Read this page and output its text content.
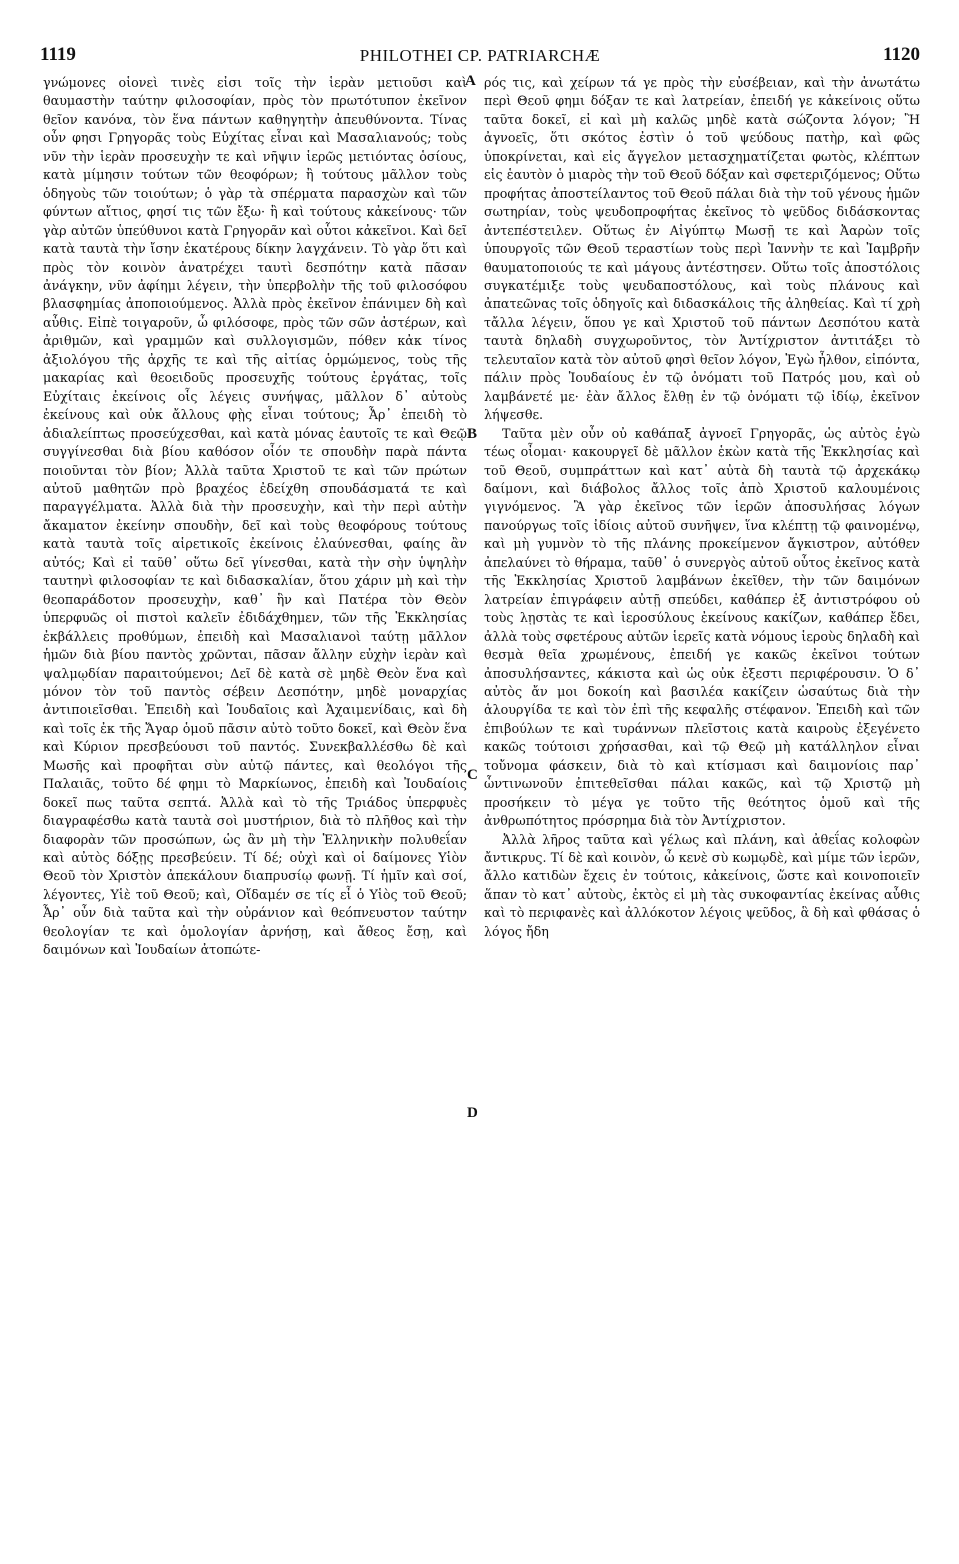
1119	PHILOTHEI CP. PATRIARCHÆ	1120

γνώμονες οἱονεὶ τινὲς εἰσι τοῖς τὴν ἱερὰν μετιοῦσι καὶ θαυμαστὴν ταύτην φιλοσοφίαν, πρὸς τὸν πρωτότυπον ἐκεῖνον θεῖον κανόνα, τὸν ἕνα πάντων καθηγητὴν ἀπευθύνοντα. Τίνας οὖν φησι Γρηγορᾶς τοὺς Εὐχίτας εἶναι καὶ Μασαλιανούς; τοὺς νῦν τὴν ἱερὰν προσευχὴν τε καὶ νῆψιν ἱερῶς μετιόντας ὁσίους, κατὰ μίμησιν τούτων τῶν θεοφόρων; ἢ τούτους μᾶλλον τοὺς ὁδηγοὺς τῶν τοιούτων; ὁ γὰρ τὰ σπέρματα παρασχὼν καὶ τῶν φύντων αἴτιος, φησί τις τῶν ἔξω· ἢ καὶ τούτους κἀκείνους· τῶν γὰρ αὐτῶν ὑπεύθυνοι κατὰ Γρηγορᾶν καὶ οὗτοι κἀκεῖνοι. Καὶ δεῖ κατὰ ταυτὰ τὴν ἴσην ἑκατέρους δίκην λαγχάνειν. Τὸ γὰρ ὅτι καὶ πρὸς τὸν κοινὸν ἀνατρέχει ταυτὶ δεσπότην κατὰ πᾶσαν ἀνάγκην, νῦν ἀφίημι λέγειν, τὴν ὑπερβολὴν τῆς τοῦ φιλοσόφου βλασφημίας ἀποποιούμενος. Ἀλλὰ πρὸς ἐκεῖνον ἐπάνιμεν δὴ καὶ αὖθις. Εἰπὲ τοιγαροῦν, ὦ φιλόσοφε, πρὸς τῶν σῶν ἀστέρων, καὶ ἀριθμῶν, καὶ γραμμῶν καὶ συλλογισμῶν, πόθεν κἀκ τίνος ἀξιολόγου τῆς ἀρχῆς τε καὶ τῆς αἰτίας ὁρμώμενος, τοὺς τῆς μακαρίας καὶ θεοειδοῦς προσευχῆς τούτους ἐργάτας, τοῖς Εὐχίταις ἐκείνοις οἷς λέγεις συνήψας, μᾶλλον δ᾽ αὐτοὺς ἐκείνους καὶ οὐκ ἄλλους φῂς εἶναι τούτους; Ἆρ᾽ ἐπειδὴ τὸ ἀδιαλείπτως προσεύχεσθαι, καὶ κατὰ μόνας ἑαυτοῖς τε καὶ Θεῷ συγγίνεσθαι διὰ βίου καθόσον οἷόν τε σπουδὴν παρὰ πάντα ποιοῦνται τὸν βίον; Ἀλλὰ ταῦτα Χριστοῦ τε καὶ τῶν πρώτων αὐτοῦ μαθητῶν πρὸ βραχέος ἐδείχθη σπουδάσματά τε καὶ παραγγέλματα. Ἀλλὰ διὰ τὴν προσευχὴν, καὶ τὴν περὶ αὐτὴν ἄκαματον ἐκείνην σπουδὴν, δεῖ καὶ τοὺς θεοφόρους τούτους κατὰ ταυτὰ τοῖς αἱρετικοῖς ἐκείνοις ἐλαύνεσθαι, φαίης ἂν αὐτός; Καὶ εἰ ταῦθ᾽ οὕτω δεῖ γίνεσθαι, κατὰ τὴν σὴν ὑψηλὴν ταυτηνὶ φιλοσοφίαν τε καὶ διδασκαλίαν, ὅτου χάριν μὴ καὶ τὴν θεοπαράδοτον προσευχὴν, καθ᾽ ἣν καὶ Πατέρα τὸν Θεὸν ὑπερφυῶς οἱ πιστοὶ καλεῖν ἐδιδάχθημεν, τῶν τῆς Ἐκκλησίας ἐκβάλλεις προθύμων, ἐπειδὴ καὶ Μασαλιανοὶ ταύτῃ μᾶλλον ἡμῶν διὰ βίου παντὸς χρῶνται, πᾶσαν ἄλλην εὐχὴν ἱερὰν καὶ ψαλμῳδίαν παραιτούμενοι; Δεῖ δὲ κατὰ σὲ μηδὲ Θεὸν ἕνα καὶ μόνον τὸν τοῦ παντὸς σέβειν Δεσπότην, μηδὲ μοναρχίας ἀντιποιεῖσθαι. Ἐπειδὴ καὶ Ἰουδαῖοις καὶ Ἀχαιμενίδαις, καὶ δὴ καὶ τοῖς ἐκ τῆς Ἄγαρ ὁμοῦ πᾶσιν αὐτὸ τοῦτο δοκεῖ, καὶ Θεὸν ἕνα καὶ Κύριον πρεσβεύουσι τοῦ παντός. Συνεκβαλλέσθω δὲ καὶ Μωσῆς καὶ προφῆται σὺν αὐτῷ πάντες, καὶ θεολόγοι τῆς Παλαιᾶς, τοῦτο δέ φημι τὸ Μαρκίωνος, ἐπειδὴ καὶ Ἰουδαίοις δοκεῖ πως ταῦτα σεπτά. Ἀλλὰ καὶ τὸ τῆς Τριάδος ὑπερφυὲς διαγραφέσθω κατὰ ταυτὰ σοὶ μυστήριον, διὰ τὸ πλῆθος καὶ τὴν διαφορὰν τῶν προσώπων, ὡς ἂν μὴ τὴν Ἑλληνικὴν πολυθεΐαν καὶ αὐτὸς δόξῃς πρεσβεύειν. Τί δέ; οὐχὶ καὶ οἱ δαίμονες Υἱὸν Θεοῦ τὸν Χριστὸν ἀπεκάλουν διαπρυσίῳ φωνῇ. Τί ἡμῖν καὶ σοί, λέγοντες, Υἱὲ τοῦ Θεοῦ; καὶ, Οἴδαμέν σε τίς εἶ ὁ Υἱὸς τοῦ Θεοῦ; Ἆρ᾽ οὖν διὰ ταῦτα καὶ τὴν οὐράνιον καὶ θεόπνευστον ταύτην θεολογίαν τε καὶ ὁμολογίαν ἀρνήσῃ, καὶ ἄθεος ἔσῃ, καὶ δαιμόνων καὶ Ἰουδαίων ἀτοπώτε-

ρός τις, καὶ χείρων τά γε πρὸς τὴν εὐσέβειαν, καὶ τὴν ἀνωτάτω περὶ Θεοῦ φημι δόξαν τε καὶ λατρείαν, ἐπειδή γε κἀκείνοις οὕτω ταῦτα δοκεῖ, εἰ καὶ μὴ καλῶς μηδὲ κατὰ σώζοντα λόγον; Ἢ ἀγνοεῖς, ὅτι σκότος ἐστὶν ὁ τοῦ ψεύδους πατὴρ, καὶ φῶς ὑποκρίνεται, καὶ εἰς ἄγγελον μετασχηματίζεται φωτὸς, κλέπτων εἰς ἑαυτὸν ὁ μιαρὸς τὴν τοῦ Θεοῦ δόξαν καὶ σφετεριζόμενος; Οὕτω προφήτας ἀποστείλαντος τοῦ Θεοῦ πάλαι διὰ τὴν τοῦ γένους ἡμῶν σωτηρίαν, τοὺς ψευδοπροφήτας ἐκεῖνος τὸ ψεῦδος διδάσκοντας ἀντεπέστειλεν. Οὕτως ἐν Αἰγύπτῳ Μωσῇ τε καὶ Ἀαρὼν τοῖς ὑπουργοῖς τῶν Θεοῦ τεραστίων τοὺς περὶ Ἰαννὴν τε καὶ Ἰαμβρῆν θαυματοποιούς τε καὶ μάγους ἀντέστησεν. Οὕτω τοῖς ἀποστόλοις συγκατέμιξε τοὺς ψευδαποστόλους, καὶ τοὺς πλάνους καὶ ἀπατεῶνας τοῖς ὁδηγοῖς καὶ διδασκάλοις τῆς ἀληθείας. Καὶ τί χρὴ τἄλλα λέγειν, ὅπου γε καὶ Χριστοῦ τοῦ πάντων Δεσπότου κατὰ ταυτὰ δηλαδὴ συγχωροῦντος, τὸν Ἀντίχριστον ἀντιτάξει τὸ τελευταῖον κατὰ τὸν αὐτοῦ φησὶ θεῖον λόγον, Ἐγὼ ἦλθον, εἰπόντα, πάλιν πρὸς Ἰουδαίους ἐν τῷ ὀνόματι τοῦ Πατρός μου, καὶ οὐ λαμβάνετέ με· ἐὰν ἄλλος ἔλθῃ ἐν τῷ ὀνόματι τῷ ἰδίῳ, ἐκεῖνον λήψεσθε.

Ταῦτα μὲν οὖν οὐ καθάπαξ ἀγνοεῖ Γρηγορᾶς, ὡς αὐτὸς ἐγὼ τέως οἶομαι· κακουργεῖ δὲ μᾶλλον ἑκὼν κατὰ τῆς Ἐκκλησίας καὶ τοῦ Θεοῦ, συμπράττων καὶ κατ᾽ αὐτὰ δὴ ταυτὰ τῷ ἀρχεκάκῳ δαίμονι, καὶ διάβολος ἄλλος τοῖς ἀπὸ Χριστοῦ καλουμένοις γιγνόμενος. Ἃ γὰρ ἐκεῖνος τῶν ἱερῶν ἀποσυλήσας λόγων πανούργως τοῖς ἰδίοις αὐτοῦ συνῆψεν, ἵνα κλέπτῃ τῷ φαινομένῳ, καὶ μὴ γυμνὸν τὸ τῆς πλάνης προκείμενον ἄγκιστρον, αὐτόθεν ἀπελαύνει τὸ θήραμα, ταῦθ᾽ ὁ συνεργὸς αὐτοῦ οὗτος ἐκεῖνος κατὰ τῆς Ἐκκλησίας Χριστοῦ λαμβάνων ἐκεῖθεν, τὴν τῶν δαιμόνων λατρείαν ἐπιγράφειν αὐτῇ σπεύδει, καθάπερ ἐξ ἀντιστρόφου οὐ τοὺς λῃστὰς τε καὶ ἱεροσύλους ἐκείνους κακίζων, καθάπερ ἔδει, ἀλλὰ τοὺς σφετέρους αὐτῶν ἱερεῖς κατὰ νόμους ἱεροὺς δηλαδὴ καὶ θεσμὰ θεῖα χρωμένους, ἐπειδή γε κακῶς ἐκεῖνοι τούτων ἀποσυλήσαντες, κάκιστα καὶ ὡς οὐκ ἐξεστι περιφέρουσιν. Ὁ δ᾽ αὐτὸς ἄν μοι δοκοίη καὶ βασιλέα κακίζειν ὡσαύτως διὰ τὴν ἁλουργίδα τε καὶ τὸν ἐπὶ τῆς κεφαλῆς στέφανον. Ἐπειδὴ καὶ τῶν ἐπιβούλων τε καὶ τυράννων πλεῖστοις κατὰ καιροὺς ἐξεγένετο κακῶς τούτοισι χρήσασθαι, καὶ τῷ Θεῷ μὴ κατάλληλον εἶναι τοὔνομα φάσκειν, διὰ τὸ καὶ κτίσμασι καὶ δαιμονίοις παρ᾽ ὧντινωνοῦν ἐπιτεθεῖσθαι πάλαι κακῶς, καὶ τῷ Χριστῷ μὴ προσήκειν τὸ μέγα γε τοῦτο τῆς θεότητος ὁμοῦ καὶ τῆς ἀνθρωπότητος πρόσρημα διὰ τὸν Ἀντίχριστον.

Ἀλλὰ λῆρος ταῦτα καὶ γέλως καὶ πλάνη, καὶ ἀθεΐας κολοφὼν ἄντικρυς. Τί δὲ καὶ κοινὸν, ὦ κενὲ σὺ κωμῳδὲ, καὶ μίμε τῶν ἱερῶν, ἄλλο κατιδὼν ἔχεις ἐν τούτοις, κἀκείνοις, ὥστε καὶ κοινοποιεῖν ἅπαν τὸ κατ᾽ αὐτοὺς, ἐκτὸς εἰ μὴ τὰς συκοφαντίας ἐκείνας αὖθις καὶ τὸ περιφανὲς καὶ ἀλλόκοτον λέγοις ψεῦδος, ἃ δὴ καὶ φθάσας ὁ λόγος ἤδη

A
B
C
D
